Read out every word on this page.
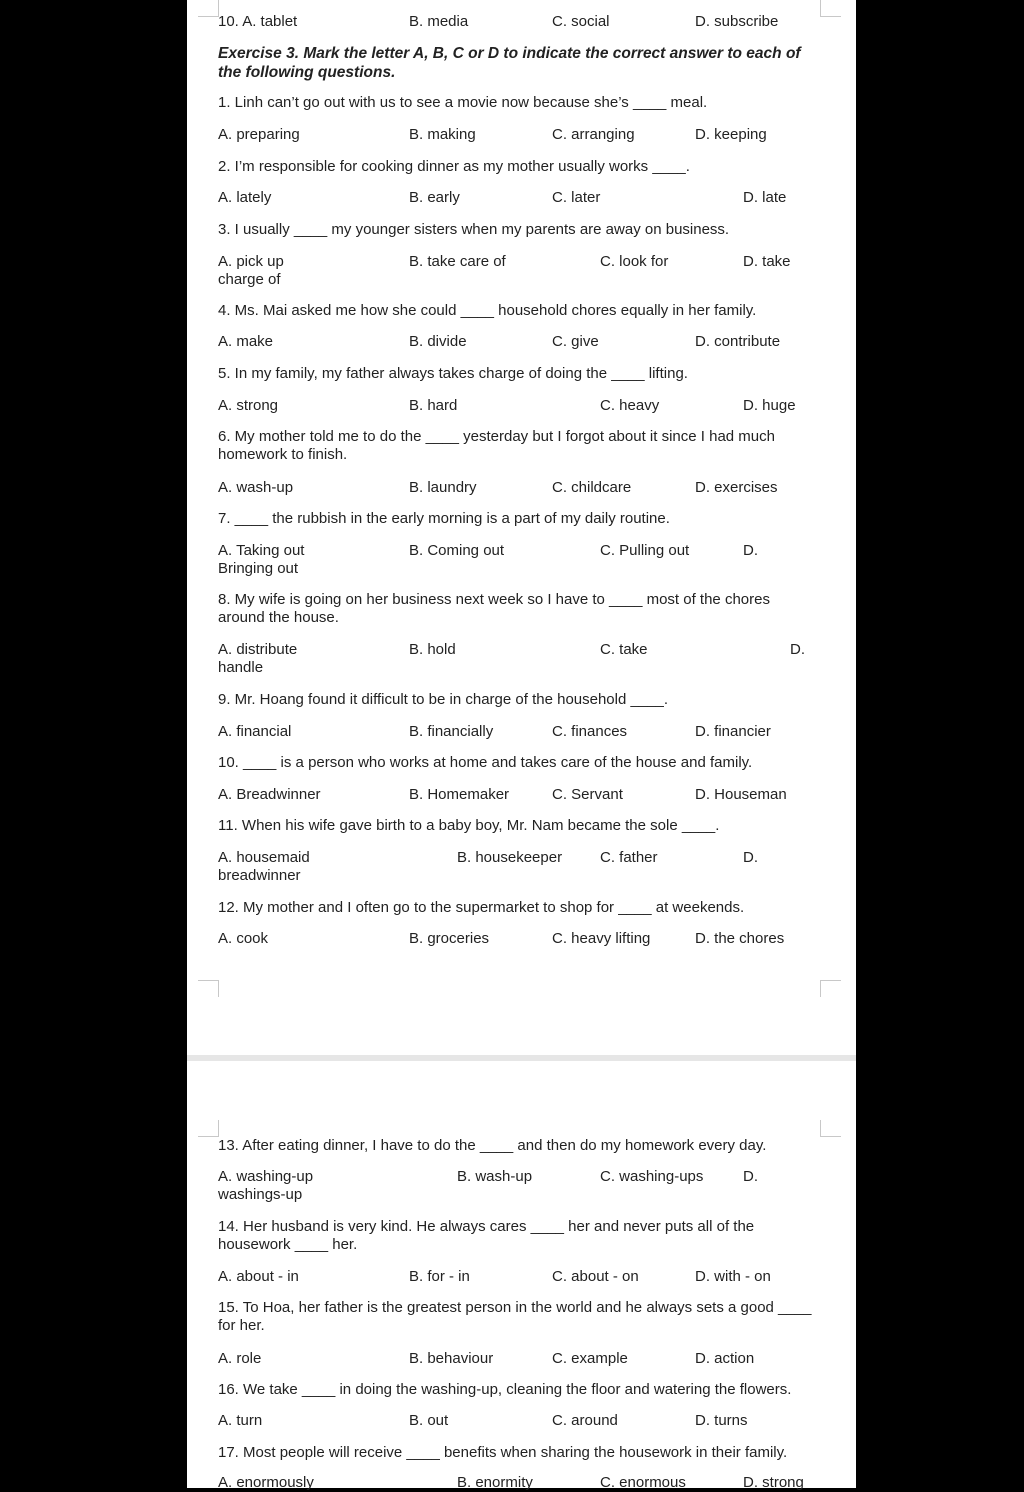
10. A. tablet	B. media	C. social	D. subscribe
Exercise 3. Mark the letter A, B, C or D to indicate the correct answer to each of the following questions.
1. Linh can’t go out with us to see a movie now because she’s ____ meal.
A. preparing	B. making	C. arranging	D. keeping
2. I’m responsible for cooking dinner as my mother usually works ____.
A. lately	B. early	C. later	D. late
3. I usually ____ my younger sisters when my parents are away on business.
A. pick up	B. take care of	C. look for	D. take
charge of
4. Ms. Mai asked me how she could ____ household chores equally in her family.
A. make	B. divide	C. give	D. contribute
5. In my family, my father always takes charge of doing the ____ lifting.
A. strong	B. hard	C. heavy	D. huge
6. My mother told me to do the ____ yesterday but I forgot about it since I had much homework to finish.
A. wash-up	B. laundry	C. childcare	D. exercises
7. ____ the rubbish in the early morning is a part of my daily routine.
A. Taking out	B. Coming out	C. Pulling out	D.
Bringing out
8. My wife is going on her business next week so I have to ____ most of the chores around the house.
A. distribute	B. hold	C. take	D.
handle
9. Mr. Hoang found it difficult to be in charge of the household ____.
A. financial	B. financially	C. finances	D. financier
10. ____ is a person who works at home and takes care of the house and family.
A. Breadwinner	B. Homemaker	C. Servant	D. Houseman
11. When his wife gave birth to a baby boy, Mr. Nam became the sole ____.
A. housemaid	B. housekeeper	C. father	D.
breadwinner
12. My mother and I often go to the supermarket to shop for ____ at weekends.
A. cook	B. groceries	C. heavy lifting	D. the chores
13. After eating dinner, I have to do the ____ and then do my homework every day.
A. washing-up	B. wash-up	C. washing-ups	D.
washings-up
14. Her husband is very kind. He always cares ____ her and never puts all of the housework ____ her.
A. about - in	B. for - in	C. about - on	D. with - on
15. To Hoa, her father is the greatest person in the world and he always sets a good ____ for her.
A. role	B. behaviour	C. example	D. action
16. We take ____ in doing the washing-up, cleaning the floor and watering the flowers.
A. turn	B. out	C. around	D. turns
17. Most people will receive ____ benefits when sharing the housework in their family.
A. enormously	B. enormity	C. enormous	D. strong
